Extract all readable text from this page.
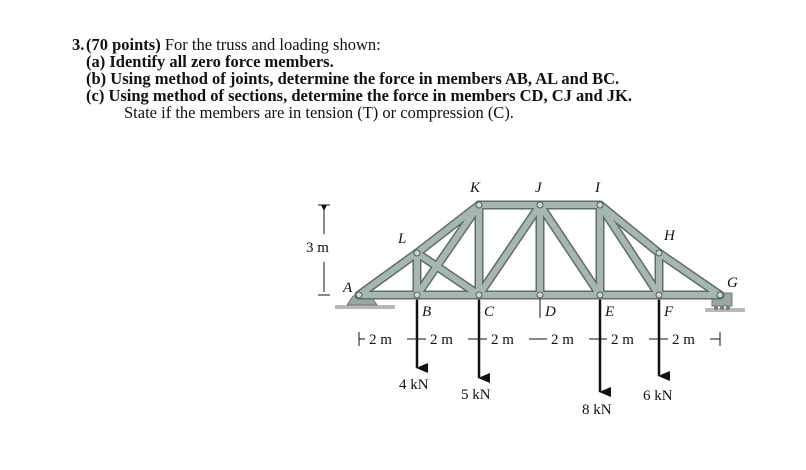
3. (70 points) For the truss and loading shown:
(a) Identify all zero force members.
(b) Using method of joints, determine the force in members AB, AL and BC.
(c) Using method of sections, determine the force in members CD, CJ and JK.
State if the members are in tension (T) or compression (C).
A
B	C	D	E	F
G
H
I
J
K
L
3 m
2 m	2 m	2 m 2 m 2 m	2 m
4 kN
5 kN
8 kN
6 kN
